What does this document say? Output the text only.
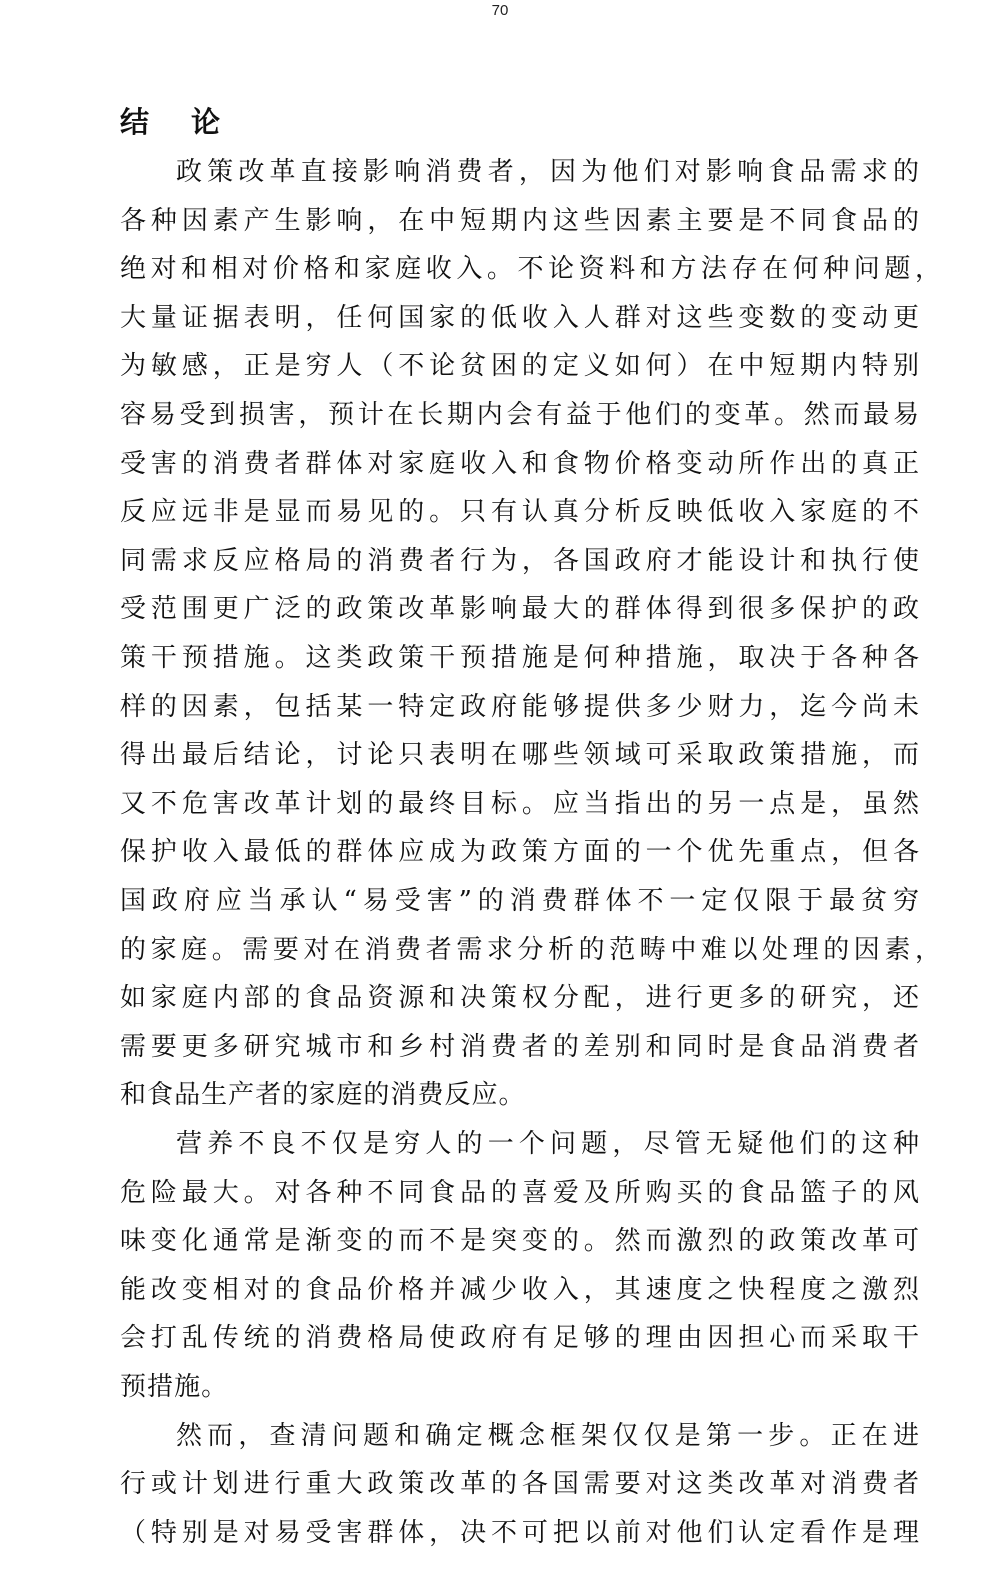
70
结 论
政策改革直接影响消费者，因为他们对影响食品需求的
各种因素产生影响，在中短期内这些因素主要是不同食品的
绝对和相对价格和家庭收入。不论资料和方法存在何种问题，
大量证据表明，任何国家的低收入人群对这些变数的变动更
为敏感，正是穷人（不论贫困的定义如何）在中短期内特别
容易受到损害，预计在长期内会有益于他们的变革。然而最易
受害的消费者群体对家庭收入和食物价格变动所作出的真正
反应远非是显而易见的。只有认真分析反映低收入家庭的不
同需求反应格局的消费者行为，各国政府才能设计和执行使
受范围更广泛的政策改革影响最大的群体得到很多保护的政
策干预措施。这类政策干预措施是何种措施，取决于各种各
样的因素，包括某一特定政府能够提供多少财力，迄今尚未
得出最后结论，讨论只表明在哪些领域可采取政策措施，而
又不危害改革计划的最终目标。应当指出的另一点是，虽然
保护收入最低的群体应成为政策方面的一个优先重点，但各
国政府应当承认“易受害”的消费群体不一定仅限于最贫穷
的家庭。需要对在消费者需求分析的范畴中难以处理的因素，
如家庭内部的食品资源和决策权分配，进行更多的研究，还
需要更多研究城市和乡村消费者的差别和同时是食品消费者
和食品生产者的家庭的消费反应。
营养不良不仅是穷人的一个问题，尽管无疑他们的这种
危险最大。对各种不同食品的喜爱及所购买的食品篮子的风
味变化通常是渐变的而不是突变的。然而激烈的政策改革可
能改变相对的食品价格并减少收入，其速度之快程度之激烈
会打乱传统的消费格局使政府有足够的理由因担心而采取干
预措施。
然而，查清问题和确定概念框架仅仅是第一步。正在进
行或计划进行重大政策改革的各国需要对这类改革对消费者
（特别是对易受害群体，决不可把以前对他们认定看作是理
